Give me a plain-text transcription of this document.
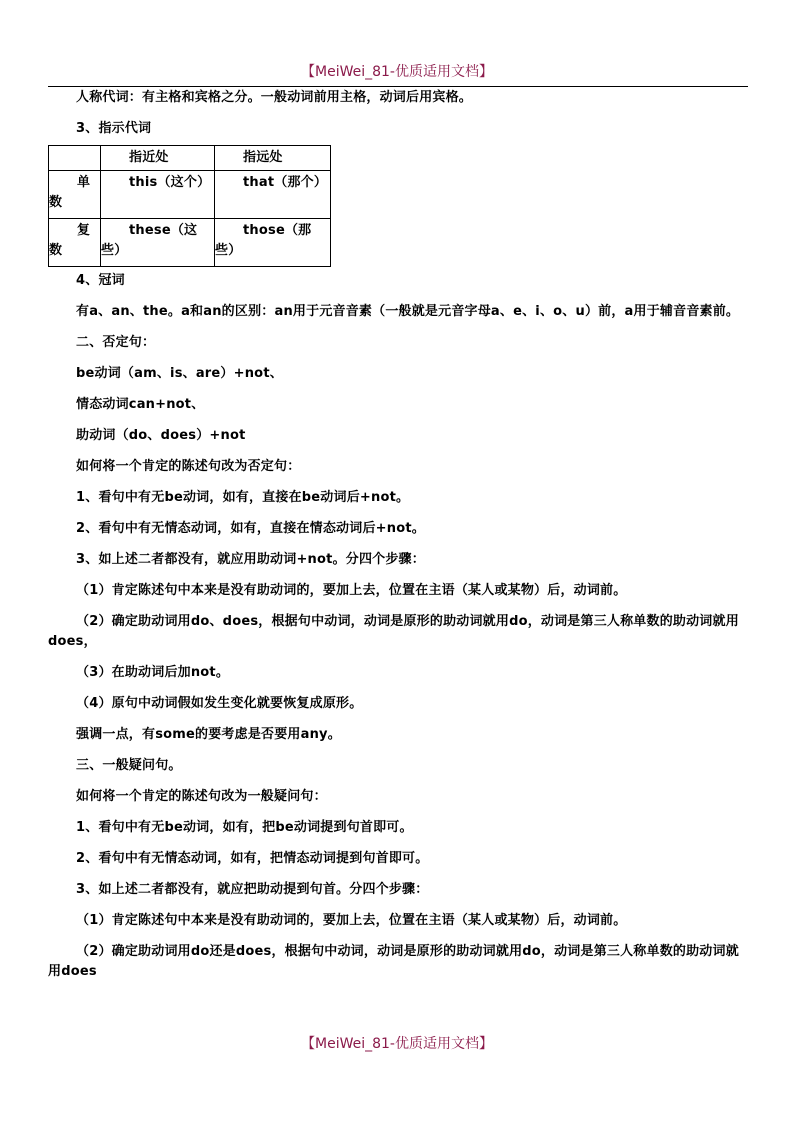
【MeiWei_81-优质适用文档】

人称代词：有主格和宾格之分。一般动词前用主格，动词后用宾格。

3、指示代词

	指近处	指远处

单数	this（这个）	that（那个）

复数	these（这些）	those（那些）

4、冠词

有a、an、the。a和an的区别：an用于元音音素（一般就是元音字母a、e、i、o、u）前，a用于辅音音素前。

二、否定句：

be动词（am、is、are）+not、

情态动词can+not、

助动词（do、does）+not

如何将一个肯定的陈述句改为否定句：

1、看句中有无be动词，如有，直接在be动词后+not。

2、看句中有无情态动词，如有，直接在情态动词后+not。

3、如上述二者都没有，就应用助动词+not。分四个步骤：

（1）肯定陈述句中本来是没有助动词的，要加上去，位置在主语（某人或某物）后，动词前。

（2）确定助动词用do、does，根据句中动词，动词是原形的助动词就用do，动词是第三人称单数的助动词就用does，

（3）在助动词后加not。

（4）原句中动词假如发生变化就要恢复成原形。

强调一点，有some的要考虑是否要用any。

三、一般疑问句。

如何将一个肯定的陈述句改为一般疑问句：

1、看句中有无be动词，如有，把be动词提到句首即可。

2、看句中有无情态动词，如有，把情态动词提到句首即可。

3、如上述二者都没有，就应把助动提到句首。分四个步骤：

（1）肯定陈述句中本来是没有助动词的，要加上去，位置在主语（某人或某物）后，动词前。

（2）确定助动词用do还是does，根据句中动词，动词是原形的助动词就用do，动词是第三人称单数的助动词就用does

【MeiWei_81-优质适用文档】
